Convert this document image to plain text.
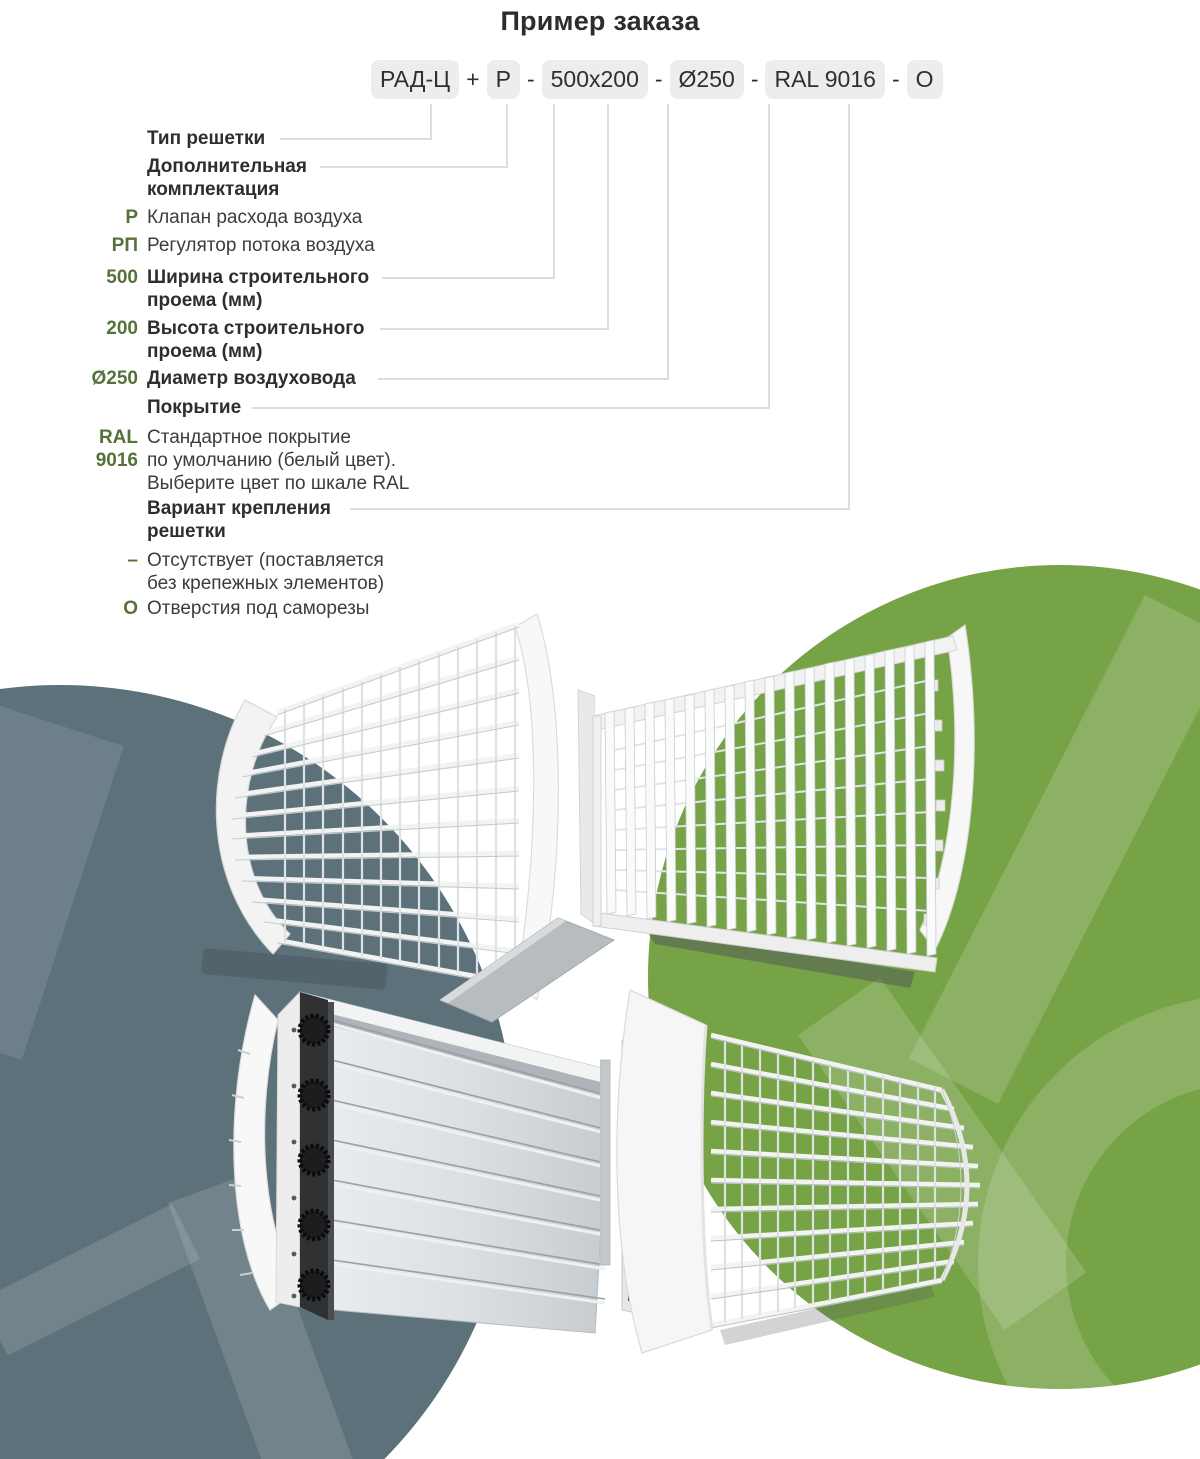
Пример заказа
РАД-Ц + Р - 500x200 - Ø250 - RAL 9016 - О
Тип решетки
Дополнительная
комплектация
Р Клапан расхода воздуха
РП Регулятор потока воздуха
500 Ширина строительного
проема (мм)
200 Высота строительного
проема (мм)
Ø250 Диаметр воздуховода
Покрытие
RAL
9016
Стандартное покрытие
по умолчанию (белый цвет).
Выберите цвет по шкале RAL
Вариант крепления
решетки
– Отсутствует (поставляется
без крепежных элементов)
О Отверстия под саморезы
